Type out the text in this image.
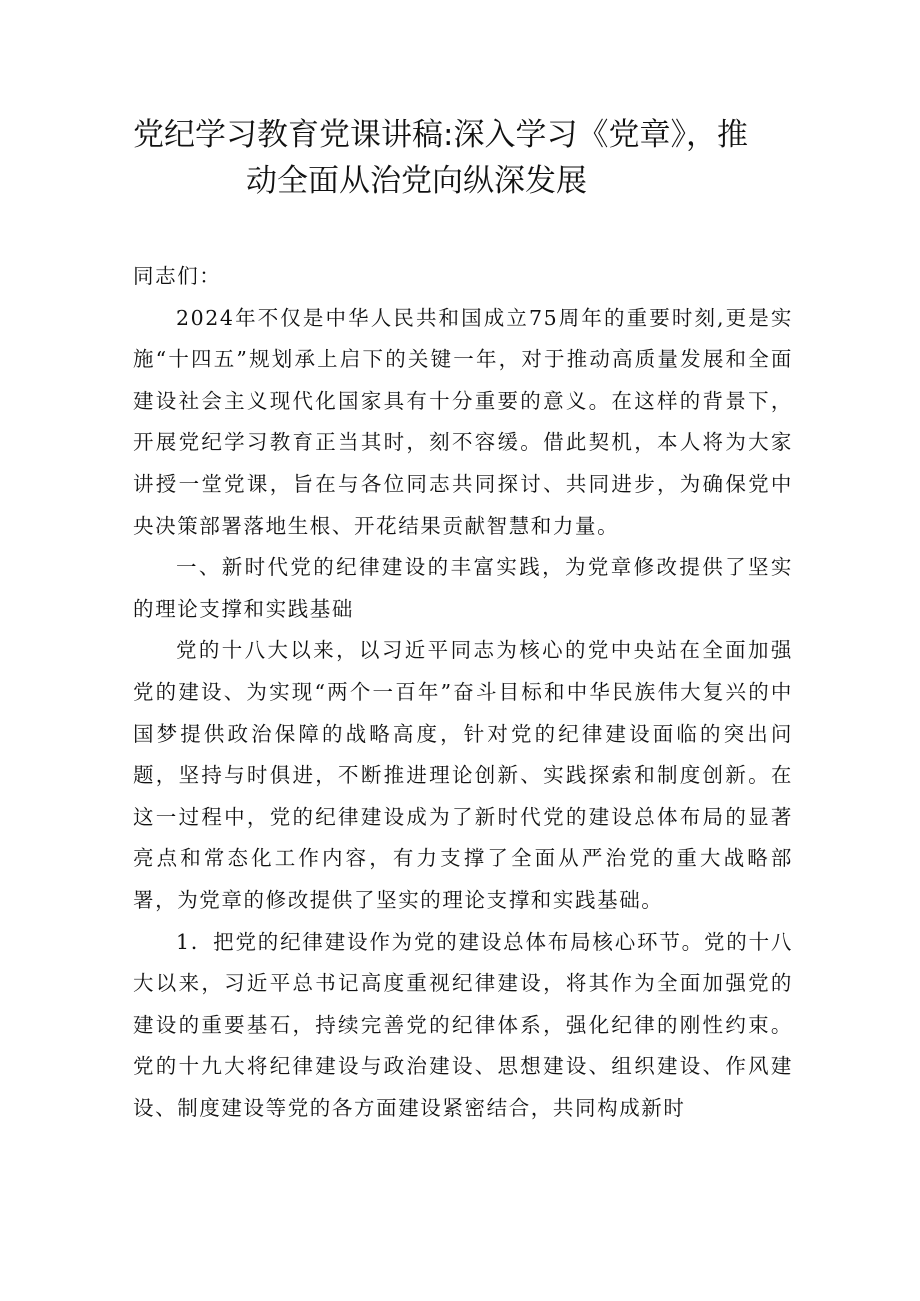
党纪学习教育党课讲稿:深入学习《党章》，推
动全面从治党向纵深发展

同志们：

2024年不仅是中华人民共和国成立75周年的重要时刻,更是实施“十四五”规划承上启下的关键一年，对于推动高质量发展和全面建设社会主义现代化国家具有十分重要的意义。在这样的背景下，开展党纪学习教育正当其时，刻不容缓。借此契机，本人将为大家讲授一堂党课，旨在与各位同志共同探讨、共同进步，为确保党中央决策部署落地生根、开花结果贡献智慧和力量。

一、新时代党的纪律建设的丰富实践，为党章修改提供了坚实的理论支撑和实践基础

党的十八大以来，以习近平同志为核心的党中央站在全面加强党的建设、为实现“两个一百年”奋斗目标和中华民族伟大复兴的中国梦提供政治保障的战略高度，针对党的纪律建设面临的突出问题，坚持与时俱进，不断推进理论创新、实践探索和制度创新。在这一过程中，党的纪律建设成为了新时代党的建设总体布局的显著亮点和常态化工作内容，有力支撑了全面从严治党的重大战略部署，为党章的修改提供了坚实的理论支撑和实践基础。

1．把党的纪律建设作为党的建设总体布局核心环节。党的十八大以来，习近平总书记高度重视纪律建设，将其作为全面加强党的建设的重要基石，持续完善党的纪律体系，强化纪律的刚性约束。党的十九大将纪律建设与政治建设、思想建设、组织建设、作风建设、制度建设等党的各方面建设紧密结合，共同构成新时
